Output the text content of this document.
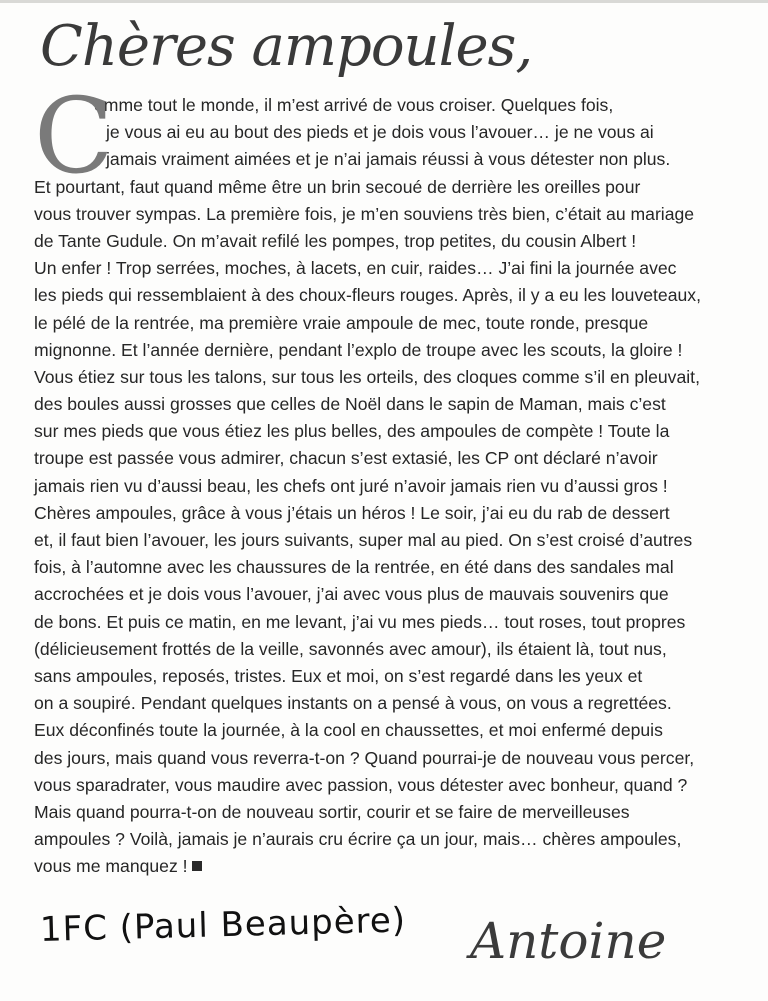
Chères ampoules,
C
omme tout le monde, il m’est arrivé de vous croiser. Quelques fois,
je vous ai eu au bout des pieds et je dois vous l’avouer… je ne vous ai
jamais vraiment aimées et je n’ai jamais réussi à vous détester non plus.
Et pourtant, faut quand même être un brin secoué de derrière les oreilles pour
vous trouver sympas. La première fois, je m’en souviens très bien, c’était au mariage
de Tante Gudule. On m’avait refilé les pompes, trop petites, du cousin Albert !
Un enfer ! Trop serrées, moches, à lacets, en cuir, raides… J’ai fini la journée avec
les pieds qui ressemblaient à des choux-fleurs rouges. Après, il y a eu les louveteaux,
le pélé de la rentrée, ma première vraie ampoule de mec, toute ronde, presque
mignonne. Et l’année dernière, pendant l’explo de troupe avec les scouts, la gloire !
Vous étiez sur tous les talons, sur tous les orteils, des cloques comme s’il en pleuvait,
des boules aussi grosses que celles de Noël dans le sapin de Maman, mais c’est
sur mes pieds que vous étiez les plus belles, des ampoules de compète ! Toute la
troupe est passée vous admirer, chacun s’est extasié, les CP ont déclaré n’avoir
jamais rien vu d’aussi beau, les chefs ont juré n’avoir jamais rien vu d’aussi gros !
Chères ampoules, grâce à vous j’étais un héros ! Le soir, j’ai eu du rab de dessert
et, il faut bien l’avouer, les jours suivants, super mal au pied. On s’est croisé d’autres
fois, à l’automne avec les chaussures de la rentrée, en été dans des sandales mal
accrochées et je dois vous l’avouer, j’ai avec vous plus de mauvais souvenirs que
de bons. Et puis ce matin, en me levant, j’ai vu mes pieds… tout roses, tout propres
(délicieusement frottés de la veille, savonnés avec amour), ils étaient là, tout nus,
sans ampoules, reposés, tristes. Eux et moi, on s’est regardé dans les yeux et
on a soupiré. Pendant quelques instants on a pensé à vous, on vous a regrettées.
Eux déconfinés toute la journée, à la cool en chaussettes, et moi enfermé depuis
des jours, mais quand vous reverra-t-on ? Quand pourrai-je de nouveau vous percer,
vous sparadrater, vous maudire avec passion, vous détester avec bonheur, quand ?
Mais quand pourra-t-on de nouveau sortir, courir et se faire de merveilleuses
ampoules ? Voilà, jamais je n’aurais cru écrire ça un jour, mais… chères ampoules,
vous me manquez !
1FC (Paul Beaupère) Antoine
